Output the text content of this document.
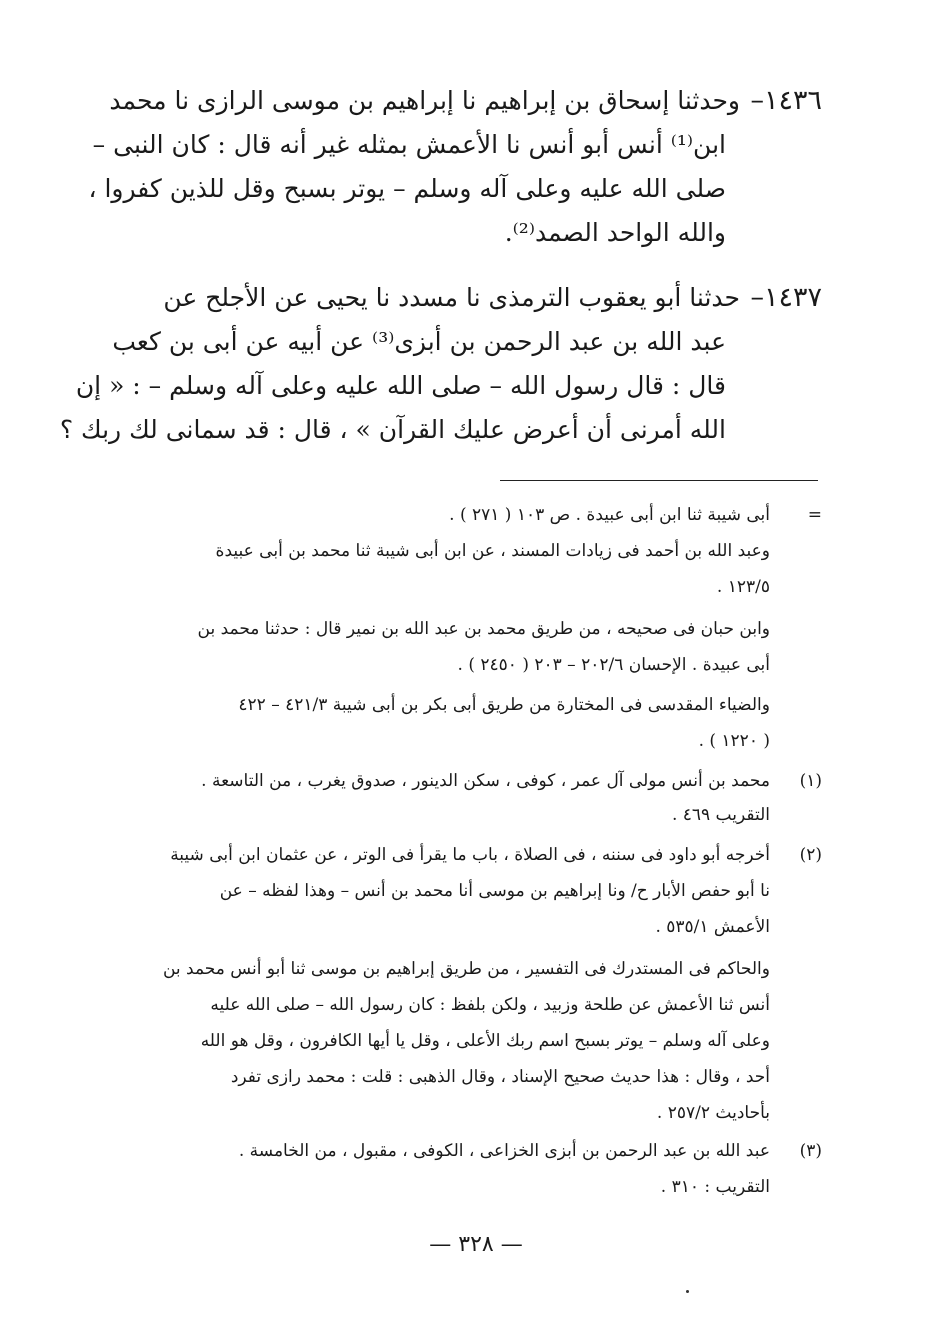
١٤٣٦–
وحدثنا إسحاق بن إبراهيم نا إبراهيم بن موسى الرازى نا محمد
ابن⁽¹⁾ أنس أبو أنس نا الأعمش بمثله غير أنه قال : كان النبى –
صلى الله عليه وعلى آله وسلم – يوتر بسبح وقل للذين كفروا ،
والله الواحد الصمد⁽²⁾.
١٤٣٧–
حدثنا أبو يعقوب الترمذى نا مسدد نا يحيى عن الأجلح عن
عبد الله بن عبد الرحمن بن أبزى⁽³⁾ عن أبيه عن أبى بن كعب
قال : قال رسول الله – صلى الله عليه وعلى آله وسلم – : « إن
الله أمرنى أن أعرض عليك القرآن » ، قال : قد سمانى لك ربك ؟
=
أبى شيبة ثنا ابن أبى عبيدة . ص ١٠٣ ( ٢٧١ ) .
وعبد الله بن أحمد فى زيادات المسند ، عن ابن أبى شيبة ثنا محمد بن أبى عبيدة
١٢٣/٥ .
وابن حبان فى صحيحه ، من طريق محمد بن عبد الله بن نمير قال : حدثنا محمد بن
أبى عبيدة . الإحسان ٢٠٢/٦ – ٢٠٣ ( ٢٤٥٠ ) .
والضياء المقدسى فى المختارة من طريق أبى بكر بن أبى شيبة ٤٢١/٣ – ٤٢٢
( ١٢٢٠ ) .
(١)
محمد بن أنس مولى آل عمر ، كوفى ، سكن الدينور ، صدوق يغرب ، من التاسعة .
التقريب ٤٦٩ .
(٢)
أخرجه أبو داود فى سننه ، فى الصلاة ، باب ما يقرأ فى الوتر ، عن عثمان ابن أبى شيبة
نا أبو حفص الأبار ح/ ونا إبراهيم بن موسى أنا محمد بن أنس – وهذا لفظه – عن
الأعمش ٥٣٥/١ .
والحاكم فى المستدرك فى التفسير ، من طريق إبراهيم بن موسى ثنا أبو أنس محمد بن
أنس ثنا الأعمش عن طلحة وزبيد ، ولكن بلفظ : كان رسول الله – صلى الله عليه
وعلى آله وسلم – يوتر بسبح اسم ربك الأعلى ، وقل يا أيها الكافرون ، وقل هو الله
أحد ، وقال : هذا حديث صحيح الإسناد ، وقال الذهبى : قلت : محمد رازى تفرد
بأحاديث ٢٥٧/٢ .
(٣)
عبد الله بن عبد الرحمن بن أبزى الخزاعى ، الكوفى ، مقبول ، من الخامسة .
التقريب : ٣١٠ .
— ٣٢٨ —
